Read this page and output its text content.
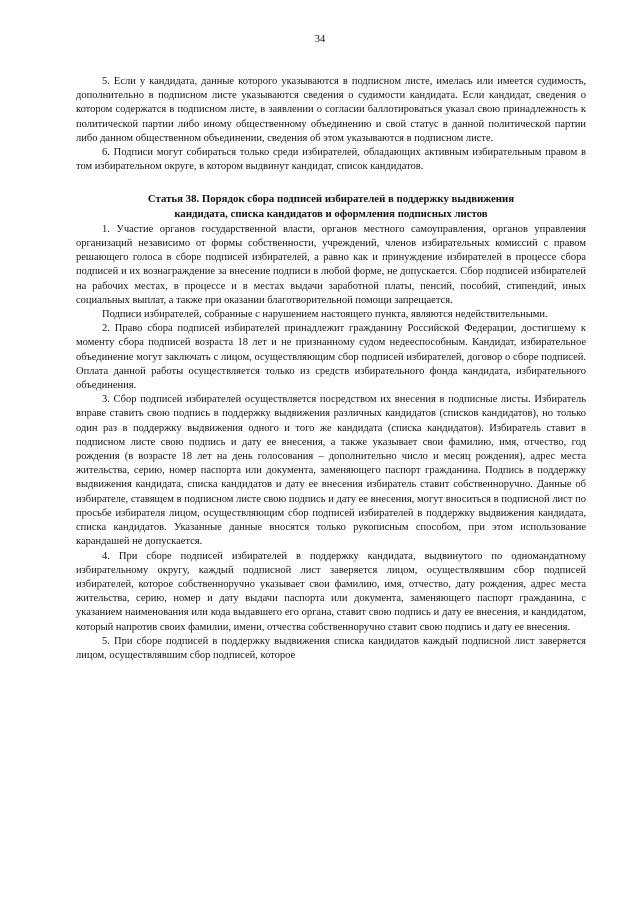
34

5. Если у кандидата, данные которого указываются в подписном листе, имелась или имеется судимость, дополнительно в подписном листе указываются сведения о судимости кандидата. Если кандидат, сведения о котором содержатся в подписном листе, в заявлении о согласии баллотироваться указал свою принадлежность к политической партии либо иному общественному объединению и свой статус в данной политической партии либо данном общественном объединении, сведения об этом указываются в подписном листе.

6. Подписи могут собираться только среди избирателей, обладающих активным избирательным правом в том избирательном округе, в котором выдвинут кандидат, список кандидатов.

Статья 38. Порядок сбора подписей избирателей в поддержку выдвижения
кандидата, списка кандидатов и оформления подписных листов

1. Участие органов государственной власти, органов местного самоуправления, органов управления организаций независимо от формы собственности, учреждений, членов избирательных комиссий с правом решающего голоса в сборе подписей избирателей, а равно как и принуждение избирателей в процессе сбора подписей и их вознаграждение за внесение подписи в любой форме, не допускается. Сбор подписей избирателей на рабочих местах, в процессе и в местах выдачи заработной платы, пенсий, пособий, стипендий, иных социальных выплат, а также при оказании благотворительной помощи запрещается.

Подписи избирателей, собранные с нарушением настоящего пункта, являются недействительными.

2. Право сбора подписей избирателей принадлежит гражданину Российской Федерации, достигшему к моменту сбора подписей возраста 18 лет и не признанному судом недееспособным. Кандидат, избирательное объединение могут заключать с лицом, осуществляющим сбор подписей избирателей, договор о сборе подписей. Оплата данной работы осуществляется только из средств избирательного фонда кандидата, избирательного объединения.

3. Сбор подписей избирателей осуществляется посредством их внесения в подписные листы. Избиратель вправе ставить свою подпись в поддержку выдвижения различных кандидатов (списков кандидатов), но только один раз в поддержку выдвижения одного и того же кандидата (списка кандидатов). Избиратель ставит в подписном листе свою подпись и дату ее внесения, а также указывает свои фамилию, имя, отчество, год рождения (в возрасте 18 лет на день голосования – дополнительно число и месяц рождения), адрес места жительства, серию, номер паспорта или документа, заменяющего паспорт гражданина. Подпись в поддержку выдвижения кандидата, списка кандидатов и дату ее внесения избиратель ставит собственноручно. Данные об избирателе, ставящем в подписном листе свою подпись и дату ее внесения, могут вноситься в подписной лист по просьбе избирателя лицом, осуществляющим сбор подписей избирателей в поддержку выдвижения кандидата, списка кандидатов. Указанные данные вносятся только рукописным способом, при этом использование карандашей не допускается.

4. При сборе подписей избирателей в поддержку кандидата, выдвинутого по одномандатному избирательному округу, каждый подписной лист заверяется лицом, осуществлявшим сбор подписей избирателей, которое собственноручно указывает свои фамилию, имя, отчество, дату рождения, адрес места жительства, серию, номер и дату выдачи паспорта или документа, заменяющего паспорт гражданина, с указанием наименования или кода выдавшего его органа, ставит свою подпись и дату ее внесения, и кандидатом, который напротив своих фамилии, имени, отчества собственноручно ставит свою подпись и дату ее внесения.

5. При сборе подписей в поддержку выдвижения списка кандидатов каждый подписной лист заверяется лицом, осуществлявшим сбор подписей, которое
